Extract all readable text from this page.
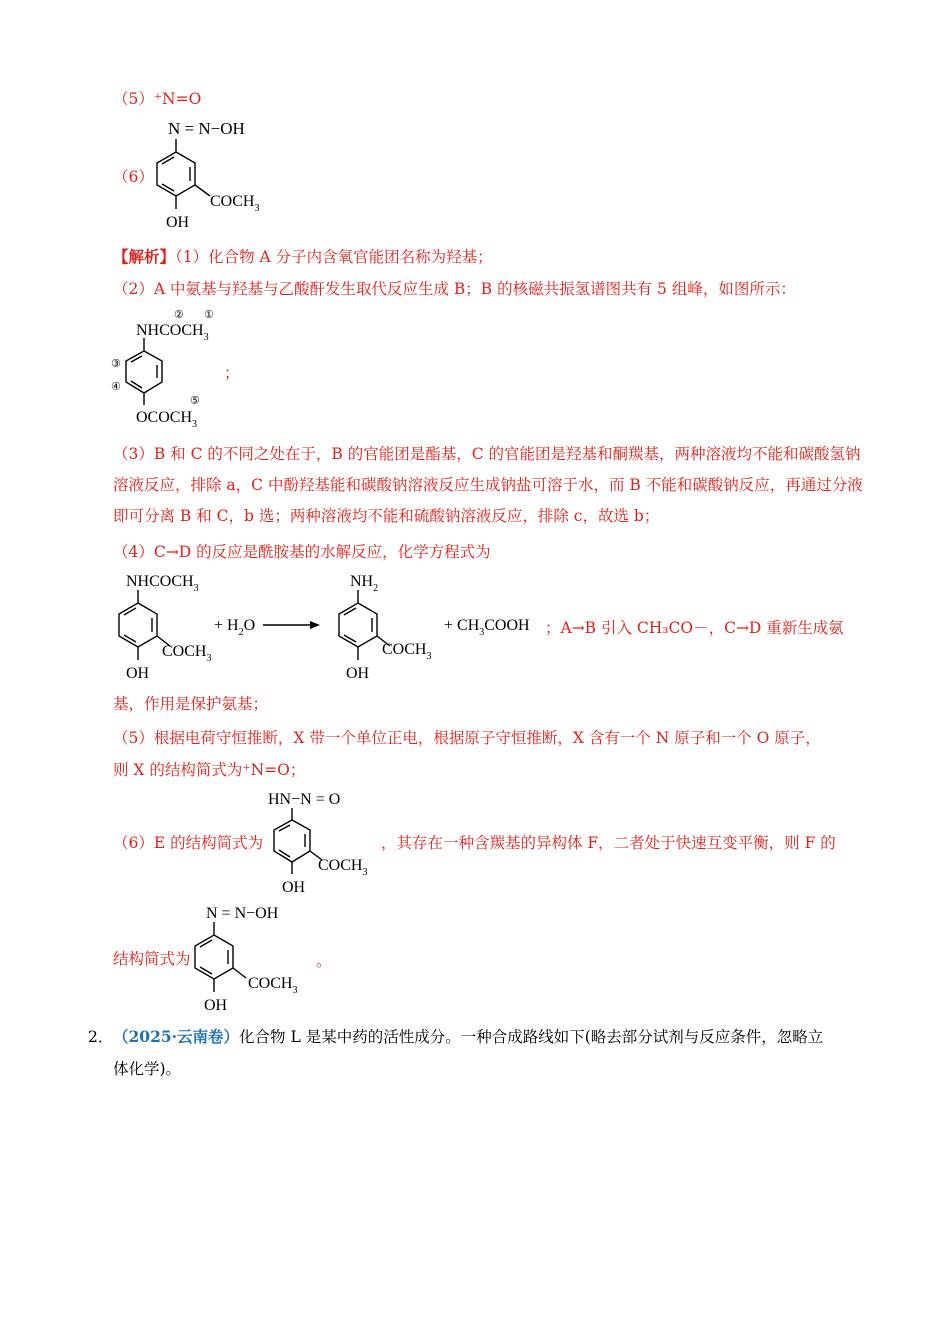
（5）⁺N=O
（6）
N = N−OH
$COCH_3$
OH
【解析】（1）化合物 A 分子内含氧官能团名称为羟基；
（2）A 中氨基与羟基与乙酸酐发生取代反应生成 B；B 的核磁共振氢谱图共有 5 组峰，如图所示：
② ①
$NHCOCH_3$
③
④
⑤
$OCOCH_3$
；
（3）B 和 C 的不同之处在于，B 的官能团是酯基，C 的官能团是羟基和酮羰基，两种溶液均不能和碳酸氢钠溶液反应，排除 a，C 中酚羟基能和碳酸钠溶液反应生成钠盐可溶于水，而 B 不能和碳酸钠反应，再通过分液即可分离 B 和 C，b 选；两种溶液均不能和硫酸钠溶液反应，排除 c，故选 b；
（4）C→D 的反应是酰胺基的水解反应，化学方程式为
$NHCOCH_3$
$COCH_3$
OH
+ $H_2O$
$NH_2$
$COCH_3$
OH
+ $CH_3COOH$ ；A→B 引入 CH₃CO－，C→D 重新生成氨
基，作用是保护氨基；
（5）根据电荷守恒推断，X 带一个单位正电，根据原子守恒推断，X 含有一个 N 原子和一个 O 原子，
则 X 的结构简式为⁺N=O；
（6）E 的结构简式为
HN−N = O
$COCH_3$
OH
，其存在一种含羰基的异构体 F，二者处于快速互变平衡，则 F 的
结构简式为
N = N−OH
$COCH_3$
OH
。
2． （2025·云南卷）化合物 L 是某中药的活性成分。一种合成路线如下(略去部分试剂与反应条件，忽略立
体化学)。
